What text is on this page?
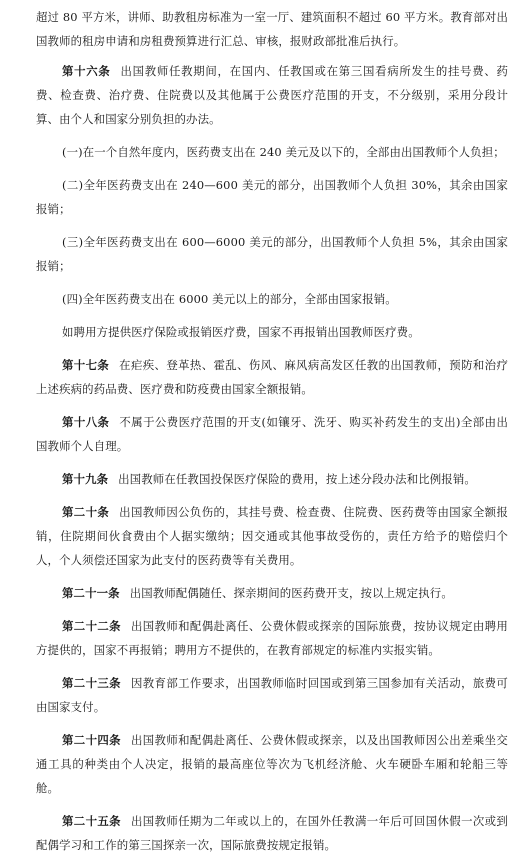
超过 80 平方米，讲师、助教租房标准为一室一厅、建筑面积不超过 60 平方米。教育部对出国教师的租房申请和房租费预算进行汇总、审核，报财政部批准后执行。

第十六条 出国教师任教期间，在国内、任教国或在第三国看病所发生的挂号费、药费、检查费、治疗费、住院费以及其他属于公费医疗范围的开支，不分级别，采用分段计算、由个人和国家分别负担的办法。

(一)在一个自然年度内，医药费支出在 240 美元及以下的，全部由出国教师个人负担；

(二)全年医药费支出在 240—600 美元的部分，出国教师个人负担 30%，其余由国家报销；

(三)全年医药费支出在 600—6000 美元的部分，出国教师个人负担 5%，其余由国家报销；

(四)全年医药费支出在 6000 美元以上的部分，全部由国家报销。

如聘用方提供医疗保险或报销医疗费，国家不再报销出国教师医疗费。

第十七条 在疟疾、登革热、霍乱、伤风、麻风病高发区任教的出国教师，预防和治疗上述疾病的药品费、医疗费和防疫费由国家全额报销。

第十八条 不属于公费医疗范围的开支(如镶牙、洗牙、购买补药发生的支出)全部由出国教师个人自理。

第十九条 出国教师在任教国投保医疗保险的费用，按上述分段办法和比例报销。

第二十条 出国教师因公负伤的，其挂号费、检查费、住院费、医药费等由国家全额报销，住院期间伙食费由个人据实缴纳；因交通或其他事故受伤的，责任方给予的赔偿归个人，个人须偿还国家为此支付的医药费等有关费用。

第二十一条 出国教师配偶随任、探亲期间的医药费开支，按以上规定执行。

第二十二条 出国教师和配偶赴离任、公费休假或探亲的国际旅费，按协议规定由聘用方提供的，国家不再报销；聘用方不提供的，在教育部规定的标准内实报实销。

第二十三条 因教育部工作要求，出国教师临时回国或到第三国参加有关活动，旅费可由国家支付。

第二十四条 出国教师和配偶赴离任、公费休假或探亲，以及出国教师因公出差乘坐交通工具的种类由个人决定，报销的最高座位等次为飞机经济舱、火车硬卧车厢和轮船三等舱。

第二十五条 出国教师任期为二年或以上的，在国外任教满一年后可回国休假一次或到配偶学习和工作的第三国探亲一次，国际旅费按规定报销。
